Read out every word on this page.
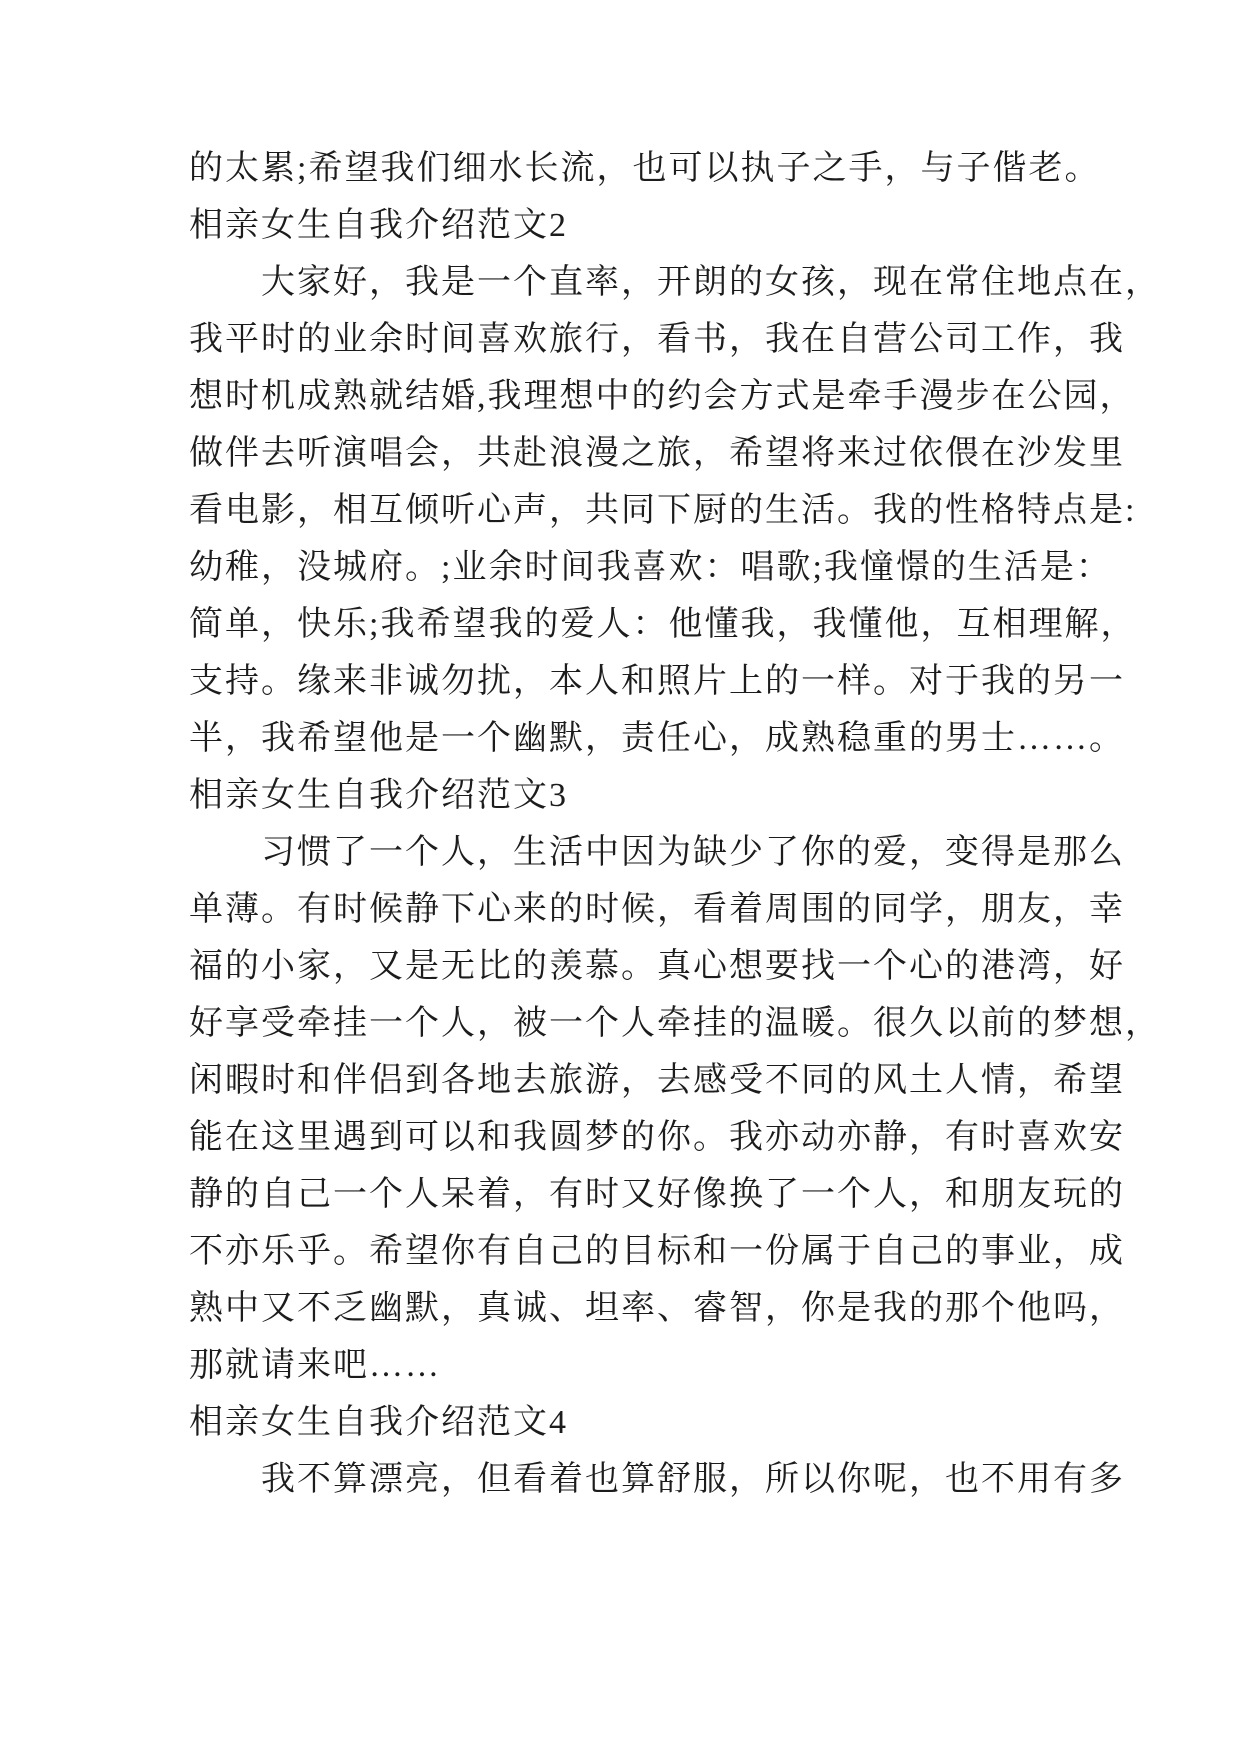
的太累;希望我们细水长流，也可以执子之手，与子偕老。
相亲女生自我介绍范文2
大家好，我是一个直率，开朗的女孩，现在常住地点在，
我平时的业余时间喜欢旅行，看书，我在自营公司工作，我
想时机成熟就结婚,我理想中的约会方式是牵手漫步在公园，
做伴去听演唱会，共赴浪漫之旅，希望将来过依偎在沙发里
看电影，相互倾听心声，共同下厨的生活。我的性格特点是:
幼稚，没城府。;业余时间我喜欢：唱歌;我憧憬的生活是：
简单，快乐;我希望我的爱人：他懂我，我懂他，互相理解，
支持。缘来非诚勿扰，本人和照片上的一样。对于我的另一
半，我希望他是一个幽默，责任心，成熟稳重的男士……。
相亲女生自我介绍范文3
习惯了一个人，生活中因为缺少了你的爱，变得是那么
单薄。有时候静下心来的时候，看着周围的同学，朋友，幸
福的小家，又是无比的羡慕。真心想要找一个心的港湾，好
好享受牵挂一个人，被一个人牵挂的温暖。很久以前的梦想，
闲暇时和伴侣到各地去旅游，去感受不同的风土人情，希望
能在这里遇到可以和我圆梦的你。我亦动亦静，有时喜欢安
静的自己一个人呆着，有时又好像换了一个人，和朋友玩的
不亦乐乎。希望你有自己的目标和一份属于自己的事业，成
熟中又不乏幽默，真诚、坦率、睿智，你是我的那个他吗，
那就请来吧……
相亲女生自我介绍范文4
我不算漂亮，但看着也算舒服，所以你呢，也不用有多
